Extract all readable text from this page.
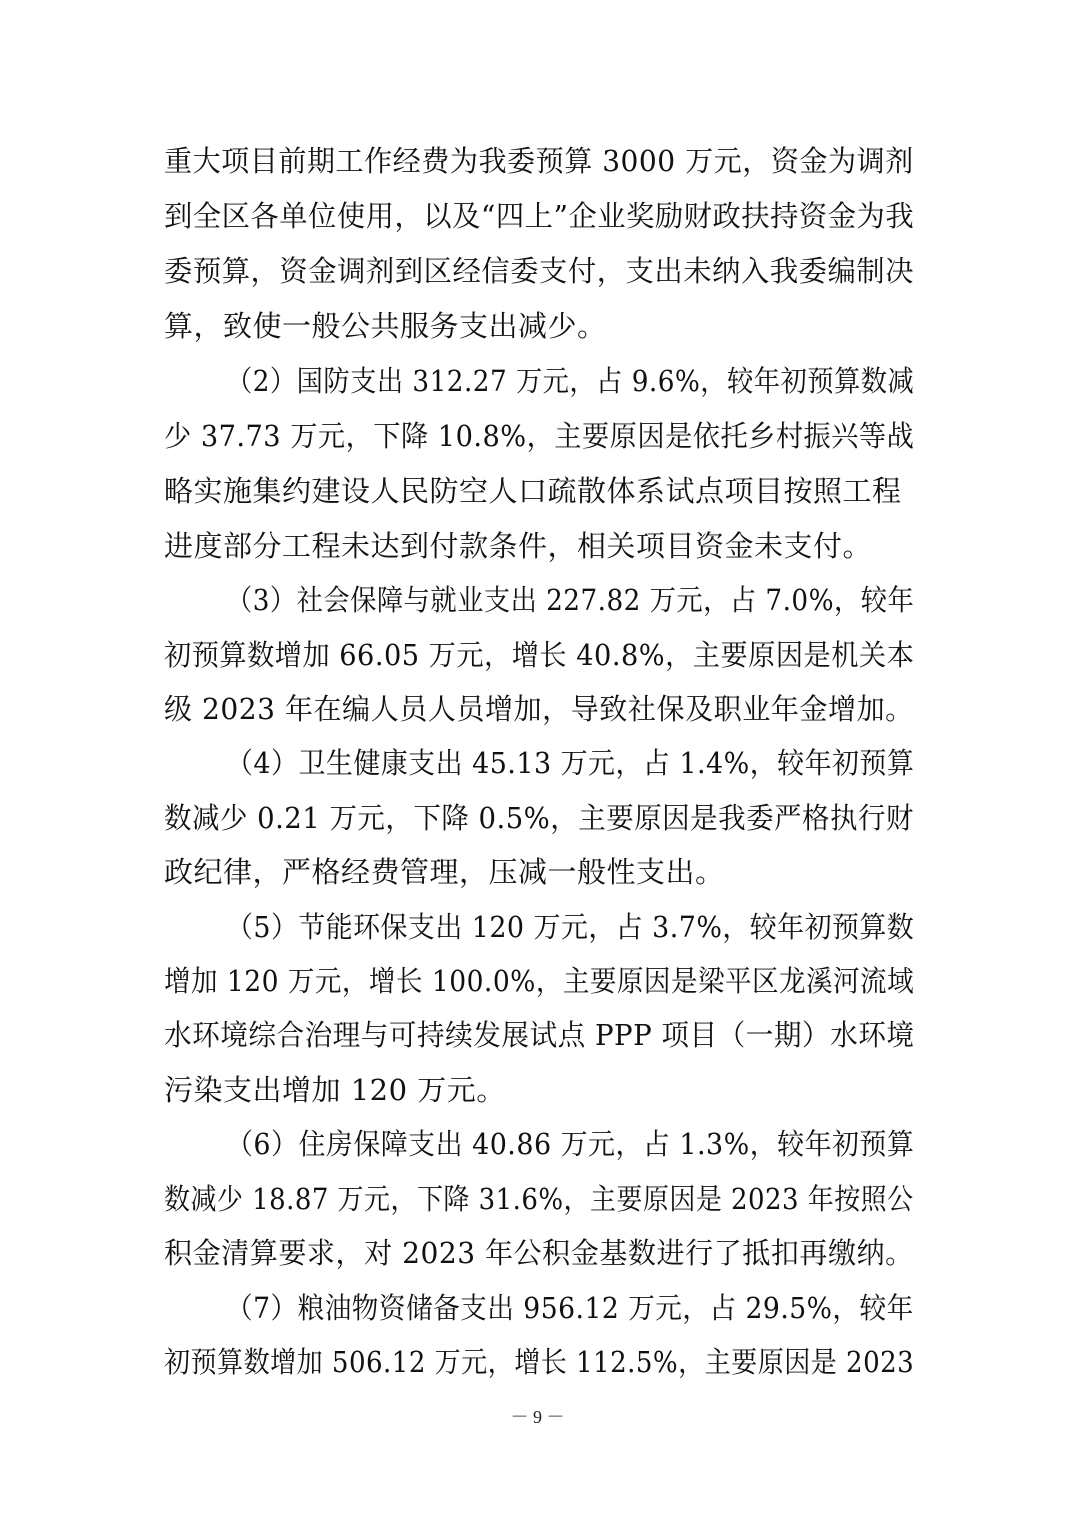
重大项目前期工作经费为我委预算 3000 万元，资金为调剂
到全区各单位使用，以及“四上”企业奖励财政扶持资金为我
委预算，资金调剂到区经信委支付，支出未纳入我委编制决
算，致使一般公共服务支出减少。
（2）国防支出 312.27 万元，占 9.6%，较年初预算数减
少 37.73 万元，下降 10.8%，主要原因是依托乡村振兴等战
略实施集约建设人民防空人口疏散体系试点项目按照工程
进度部分工程未达到付款条件，相关项目资金未支付。
（3）社会保障与就业支出 227.82 万元，占 7.0%，较年
初预算数增加 66.05 万元，增长 40.8%，主要原因是机关本
级 2023 年在编人员人员增加，导致社保及职业年金增加。
（4）卫生健康支出 45.13 万元，占 1.4%，较年初预算
数减少 0.21 万元，下降 0.5%，主要原因是我委严格执行财
政纪律，严格经费管理，压减一般性支出。
（5）节能环保支出 120 万元，占 3.7%，较年初预算数
增加 120 万元，增长 100.0%，主要原因是梁平区龙溪河流域
水环境综合治理与可持续发展试点 PPP 项目（一期）水环境
污染支出增加 120 万元。
（6）住房保障支出 40.86 万元，占 1.3%，较年初预算
数减少 18.87 万元，下降 31.6%，主要原因是 2023 年按照公
积金清算要求，对 2023 年公积金基数进行了抵扣再缴纳。
（7）粮油物资储备支出 956.12 万元，占 29.5%，较年
初预算数增加 506.12 万元，增长 112.5%，主要原因是 2023
－ 9 －
